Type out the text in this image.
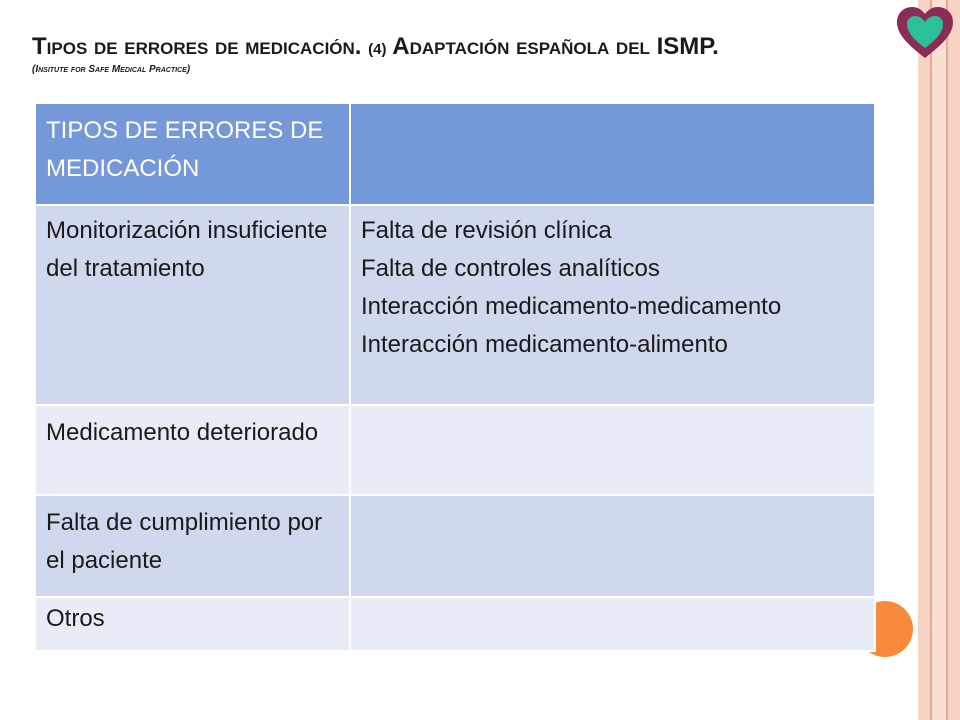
Tipos de errores de medicación. (4) Adaptación española del ISMP.
(Insitute for Safe Medical Practice)
TIPOS DE ERRORES DE MEDICACIÓN	
Monitorización insuficiente del tratamiento	Falta de revisión clínica
Falta de controles analíticos
Interacción medicamento-medicamento
Interacción medicamento-alimento

Medicamento deteriorado	
Falta de cumplimiento por el paciente	
Otros	
